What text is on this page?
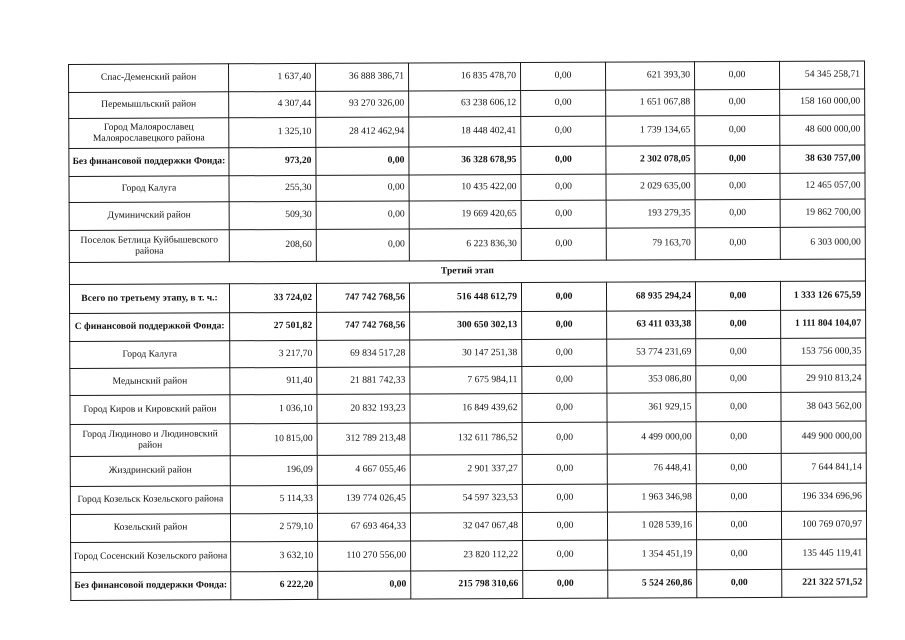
Спас-Деменский район	1 637,40	36 888 386,71	16 835 478,70	0,00	621 393,30	0,00	54 345 258,71
Перемышльский район	4 307,44	93 270 326,00	63 238 606,12	0,00	1 651 067,88	0,00	158 160 000,00
Город Малоярославец Малоярославецкого района	1 325,10	28 412 462,94	18 448 402,41	0,00	1 739 134,65	0,00	48 600 000,00
Без финансовой поддержки Фонда:	973,20	0,00	36 328 678,95	0,00	2 302 078,05	0,00	38 630 757,00
Город Калуга	255,30	0,00	10 435 422,00	0,00	2 029 635,00	0,00	12 465 057,00
Думиничский район	509,30	0,00	19 669 420,65	0,00	193 279,35	0,00	19 862 700,00
Поселок Бетлица Куйбышевского района	208,60	0,00	6 223 836,30	0,00	79 163,70	0,00	6 303 000,00
Третий этап							
Всего по третьему этапу, в т. ч.:	33 724,02	747 742 768,56	516 448 612,79	0,00	68 935 294,24	0,00	1 333 126 675,59
С финансовой поддержкой Фонда:	27 501,82	747 742 768,56	300 650 302,13	0,00	63 411 033,38	0,00	1 111 804 104,07
Город Калуга	3 217,70	69 834 517,28	30 147 251,38	0,00	53 774 231,69	0,00	153 756 000,35
Медынский район	911,40	21 881 742,33	7 675 984,11	0,00	353 086,80	0,00	29 910 813,24
Город Киров и Кировский район	1 036,10	20 832 193,23	16 849 439,62	0,00	361 929,15	0,00	38 043 562,00
Город Людиново и Людиновский район	10 815,00	312 789 213,48	132 611 786,52	0,00	4 499 000,00	0,00	449 900 000,00
Жиздринский район	196,09	4 667 055,46	2 901 337,27	0,00	76 448,41	0,00	7 644 841,14
Город Козельск Козельского района	5 114,33	139 774 026,45	54 597 323,53	0,00	1 963 346,98	0,00	196 334 696,96
Козельский район	2 579,10	67 693 464,33	32 047 067,48	0,00	1 028 539,16	0,00	100 769 070,97
Город Сосенский Козельского района	3 632,10	110 270 556,00	23 820 112,22	0,00	1 354 451,19	0,00	135 445 119,41
Без финансовой поддержки Фонда:	6 222,20	0,00	215 798 310,66	0,00	5 524 260,86	0,00	221 322 571,52
